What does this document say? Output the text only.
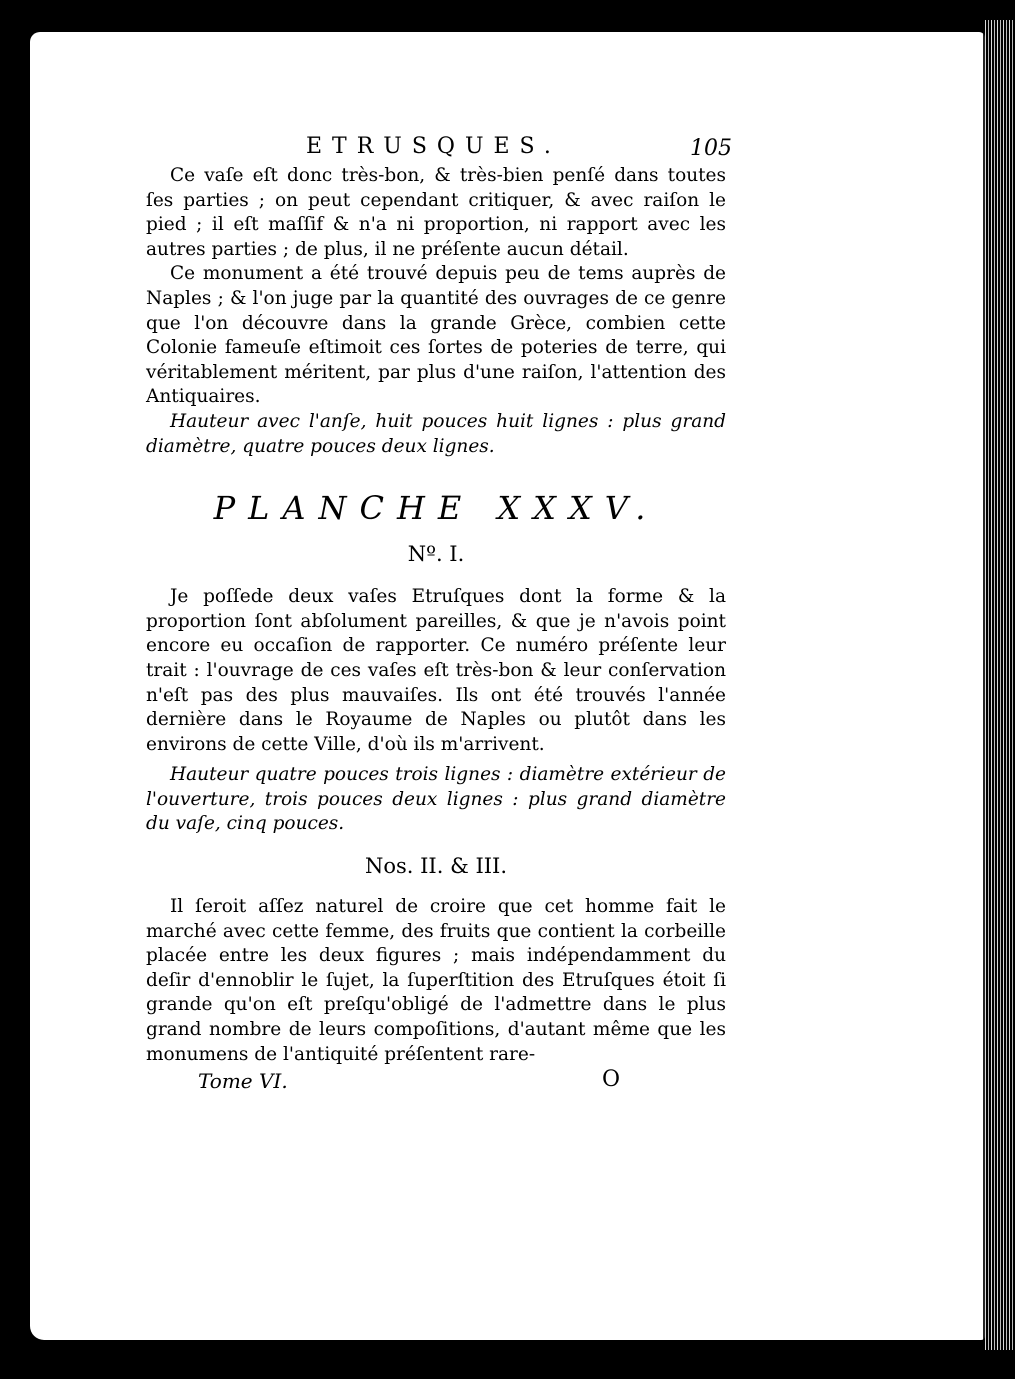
ETRUSQUES.	105

Ce vaſe eſt donc très-bon, & très-bien penſé dans toutes ſes parties ; on peut cependant critiquer, & avec raiſon le pied ; il eſt maſſif & n'a ni proportion, ni rapport avec les autres parties ; de plus, il ne préſente aucun détail.

Ce monument a été trouvé depuis peu de tems auprès de Naples ; & l'on juge par la quantité des ouvrages de ce genre que l'on découvre dans la grande Grèce, combien cette Colonie fameuſe eſtimoit ces ſortes de poteries de terre, qui véritablement méritent, par plus d'une raiſon, l'attention des Antiquaires.

Hauteur avec l'anſe, huit pouces huit lignes : plus grand diamètre, quatre pouces deux lignes.

PLANCHE XXXV.
Nº. I.

Je poſſede deux vaſes Etruſques dont la forme & la proportion ſont abſolument pareilles, & que je n'avois point encore eu occaſion de rapporter. Ce numéro préſente leur trait : l'ouvrage de ces vaſes eſt très-bon & leur conſervation n'eſt pas des plus mauvaiſes. Ils ont été trouvés l'année dernière dans le Royaume de Naples ou plutôt dans les environs de cette Ville, d'où ils m'arrivent.

Hauteur quatre pouces trois lignes : diamètre extérieur de l'ouverture, trois pouces deux lignes : plus grand diamètre du vaſe, cinq pouces.

Nos. II. & III.

Il ſeroit aſſez naturel de croire que cet homme fait le marché avec cette femme, des fruits que contient la corbeille placée entre les deux figures ; mais indépendamment du deſir d'ennoblir le ſujet, la ſuperſtition des Etruſques étoit ſi grande qu'on eſt preſqu'obligé de l'admettre dans le plus grand nombre de leurs compoſitions, d'autant même que les monumens de l'antiquité préſentent rare-

Tome VI.	O
